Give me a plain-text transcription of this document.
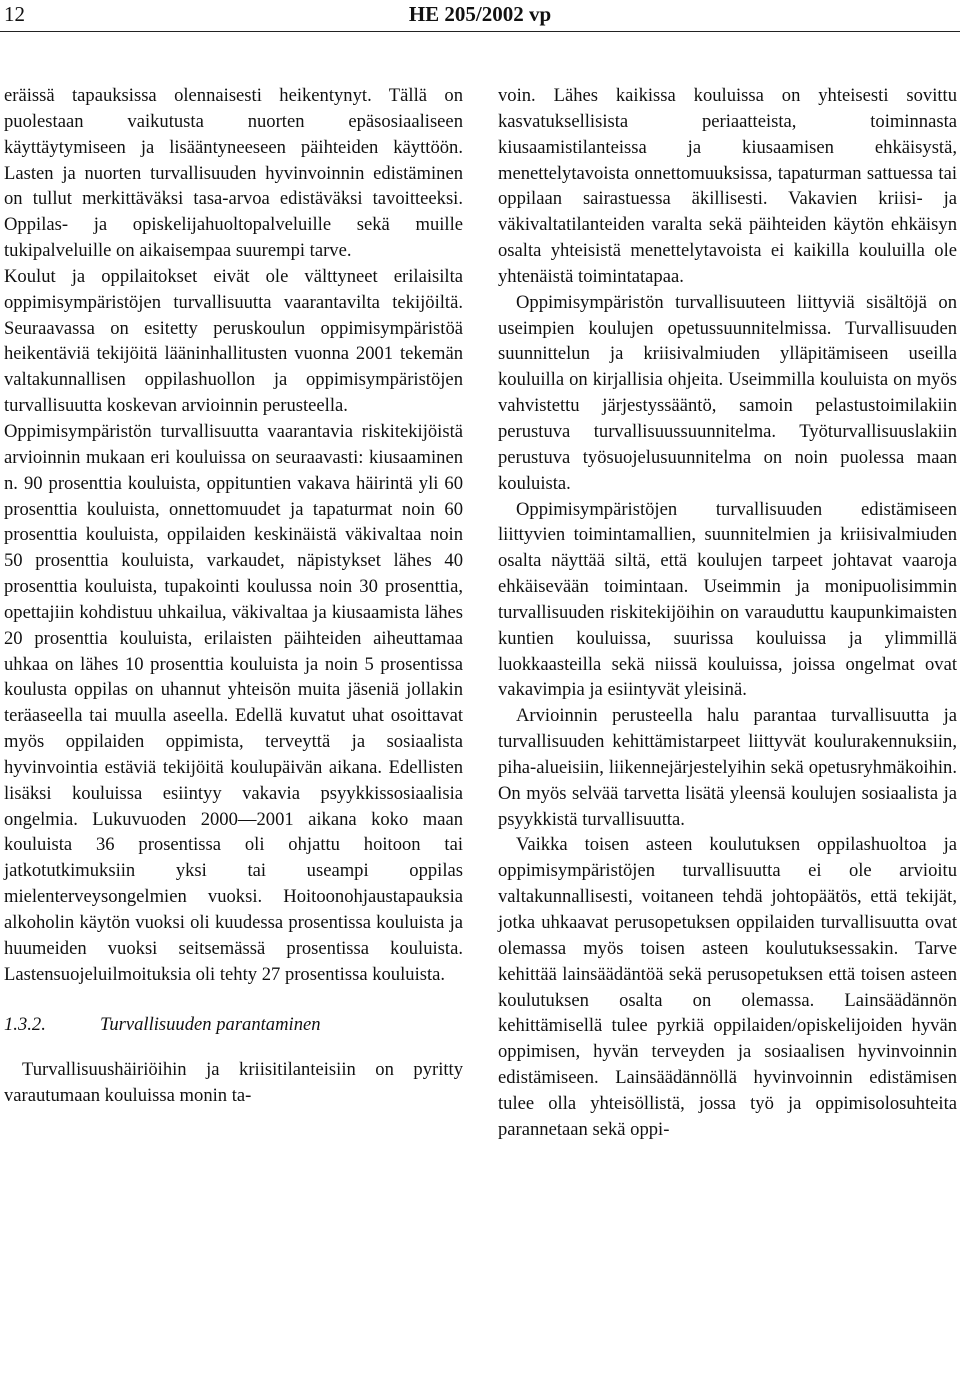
12	HE 205/2002 vp

eräissä tapauksissa olennaisesti heikentynyt. Tällä on puolestaan vaikutusta nuorten epäsosiaaliseen käyttäytymiseen ja lisääntyneeseen päihteiden käyttöön. Lasten ja nuorten turvallisuuden hyvinvoinnin edistäminen on tullut merkittäväksi tasa-arvoa edistäväksi tavoitteeksi. Oppilas- ja opiskelijahuoltopalveluille sekä muille tukipalveluille on aikaisempaa suurempi tarve.

Koulut ja oppilaitokset eivät ole välttyneet erilaisilta oppimisympäristöjen turvallisuutta vaarantavilta tekijöiltä. Seuraavassa on esitetty peruskoulun oppimisympäristöä heikentäviä tekijöitä lääninhallitusten vuonna 2001 tekemän valtakunnallisen oppilashuollon ja oppimisympäristöjen turvallisuutta koskevan arvioinnin perusteella.

Oppimisympäristön turvallisuutta vaarantavia riskitekijöistä arvioinnin mukaan eri kouluissa on seuraavasti: kiusaaminen n. 90 prosenttia kouluista, oppituntien vakava häirintä yli 60 prosenttia kouluista, onnettomuudet ja tapaturmat noin 60 prosenttia kouluista, oppilaiden keskinäistä väkivaltaa noin 50 prosenttia kouluista, varkaudet, näpistykset lähes 40 prosenttia kouluista, tupakointi koulussa noin 30 prosenttia, opettajiin kohdistuu uhkailua, väkivaltaa ja kiusaamista lähes 20 prosenttia kouluista, erilaisten päihteiden aiheuttamaa uhkaa on lähes 10 prosenttia kouluista ja noin 5 prosentissa koulusta oppilas on uhannut yhteisön muita jäseniä jollakin teräaseella tai muulla aseella. Edellä kuvatut uhat osoittavat myös oppilaiden oppimista, terveyttä ja sosiaalista hyvinvointia estäviä tekijöitä koulupäivän aikana. Edellisten lisäksi kouluissa esiintyy vakavia psyykkissosiaalisia ongelmia. Lukuvuoden 2000—2001 aikana koko maan kouluista 36 prosentissa oli ohjattu hoitoon tai jatkotutkimuksiin yksi tai useampi oppilas mielenterveysongelmien vuoksi. Hoitoonohjaustapauksia alkoholin käytön vuoksi oli kuudessa prosentissa kouluista ja huumeiden vuoksi seitsemässä prosentissa kouluista. Lastensuojeluilmoituksia oli tehty 27 prosentissa kouluista.

1.3.2.	Turvallisuuden parantaminen

Turvallisuushäiriöihin ja kriisitilanteisiin on pyritty varautumaan kouluissa monin ta-

voin. Lähes kaikissa kouluissa on yhteisesti sovittu kasvatuksellisista periaatteista, toiminnasta kiusaamistilanteissa ja kiusaamisen ehkäisystä, menettelytavoista onnettomuuksissa, tapaturman sattuessa tai oppilaan sairastuessa äkillisesti. Vakavien kriisi- ja väkivaltatilanteiden varalta sekä päihteiden käytön ehkäisyn osalta yhteisistä menettelytavoista ei kaikilla kouluilla ole yhtenäistä toimintatapaa.

Oppimisympäristön turvallisuuteen liittyviä sisältöjä on useimpien koulujen opetussuunnitelmissa. Turvallisuuden suunnittelun ja kriisivalmiuden ylläpitämiseen useilla kouluilla on kirjallisia ohjeita. Useimmilla kouluista on myös vahvistettu järjestyssääntö, samoin pelastustoimilakiin perustuva turvallisuussuunnitelma. Työturvallisuuslakiin perustuva työsuojelusuunnitelma on noin puolessa maan kouluista.

Oppimisympäristöjen turvallisuuden edistämiseen liittyvien toimintamallien, suunnitelmien ja kriisivalmiuden osalta näyttää siltä, että koulujen tarpeet johtavat vaaroja ehkäisevään toimintaan. Useimmin ja monipuolisimmin turvallisuuden riskitekijöihin on varauduttu kaupunkimaisten kuntien kouluissa, suurissa kouluissa ja ylimmillä luokkaasteilla sekä niissä kouluissa, joissa ongelmat ovat vakavimpia ja esiintyvät yleisinä.

Arvioinnin perusteella halu parantaa turvallisuutta ja turvallisuuden kehittämistarpeet liittyvät koulurakennuksiin, piha-alueisiin, liikennejärjestelyihin sekä opetusryhmäkoihin. On myös selvää tarvetta lisätä yleensä koulujen sosiaalista ja psyykkistä turvallisuutta.

Vaikka toisen asteen koulutuksen oppilashuoltoa ja oppimisympäristöjen turvallisuutta ei ole arvioitu valtakunnallisesti, voitaneen tehdä johtopäätös, että tekijät, jotka uhkaavat perusopetuksen oppilaiden turvallisuutta ovat olemassa myös toisen asteen koulutuksessakin. Tarve kehittää lainsäädäntöä sekä perusopetuksen että toisen asteen koulutuksen osalta on olemassa. Lainsäädännön kehittämisellä tulee pyrkiä oppilaiden/opiskelijoiden hyvän oppimisen, hyvän terveyden ja sosiaalisen hyvinvoinnin edistämiseen. Lainsäädännöllä hyvinvoinnin edistämisen tulee olla yhteisöllistä, jossa työ ja oppimisolosuhteita parannetaan sekä oppi-
